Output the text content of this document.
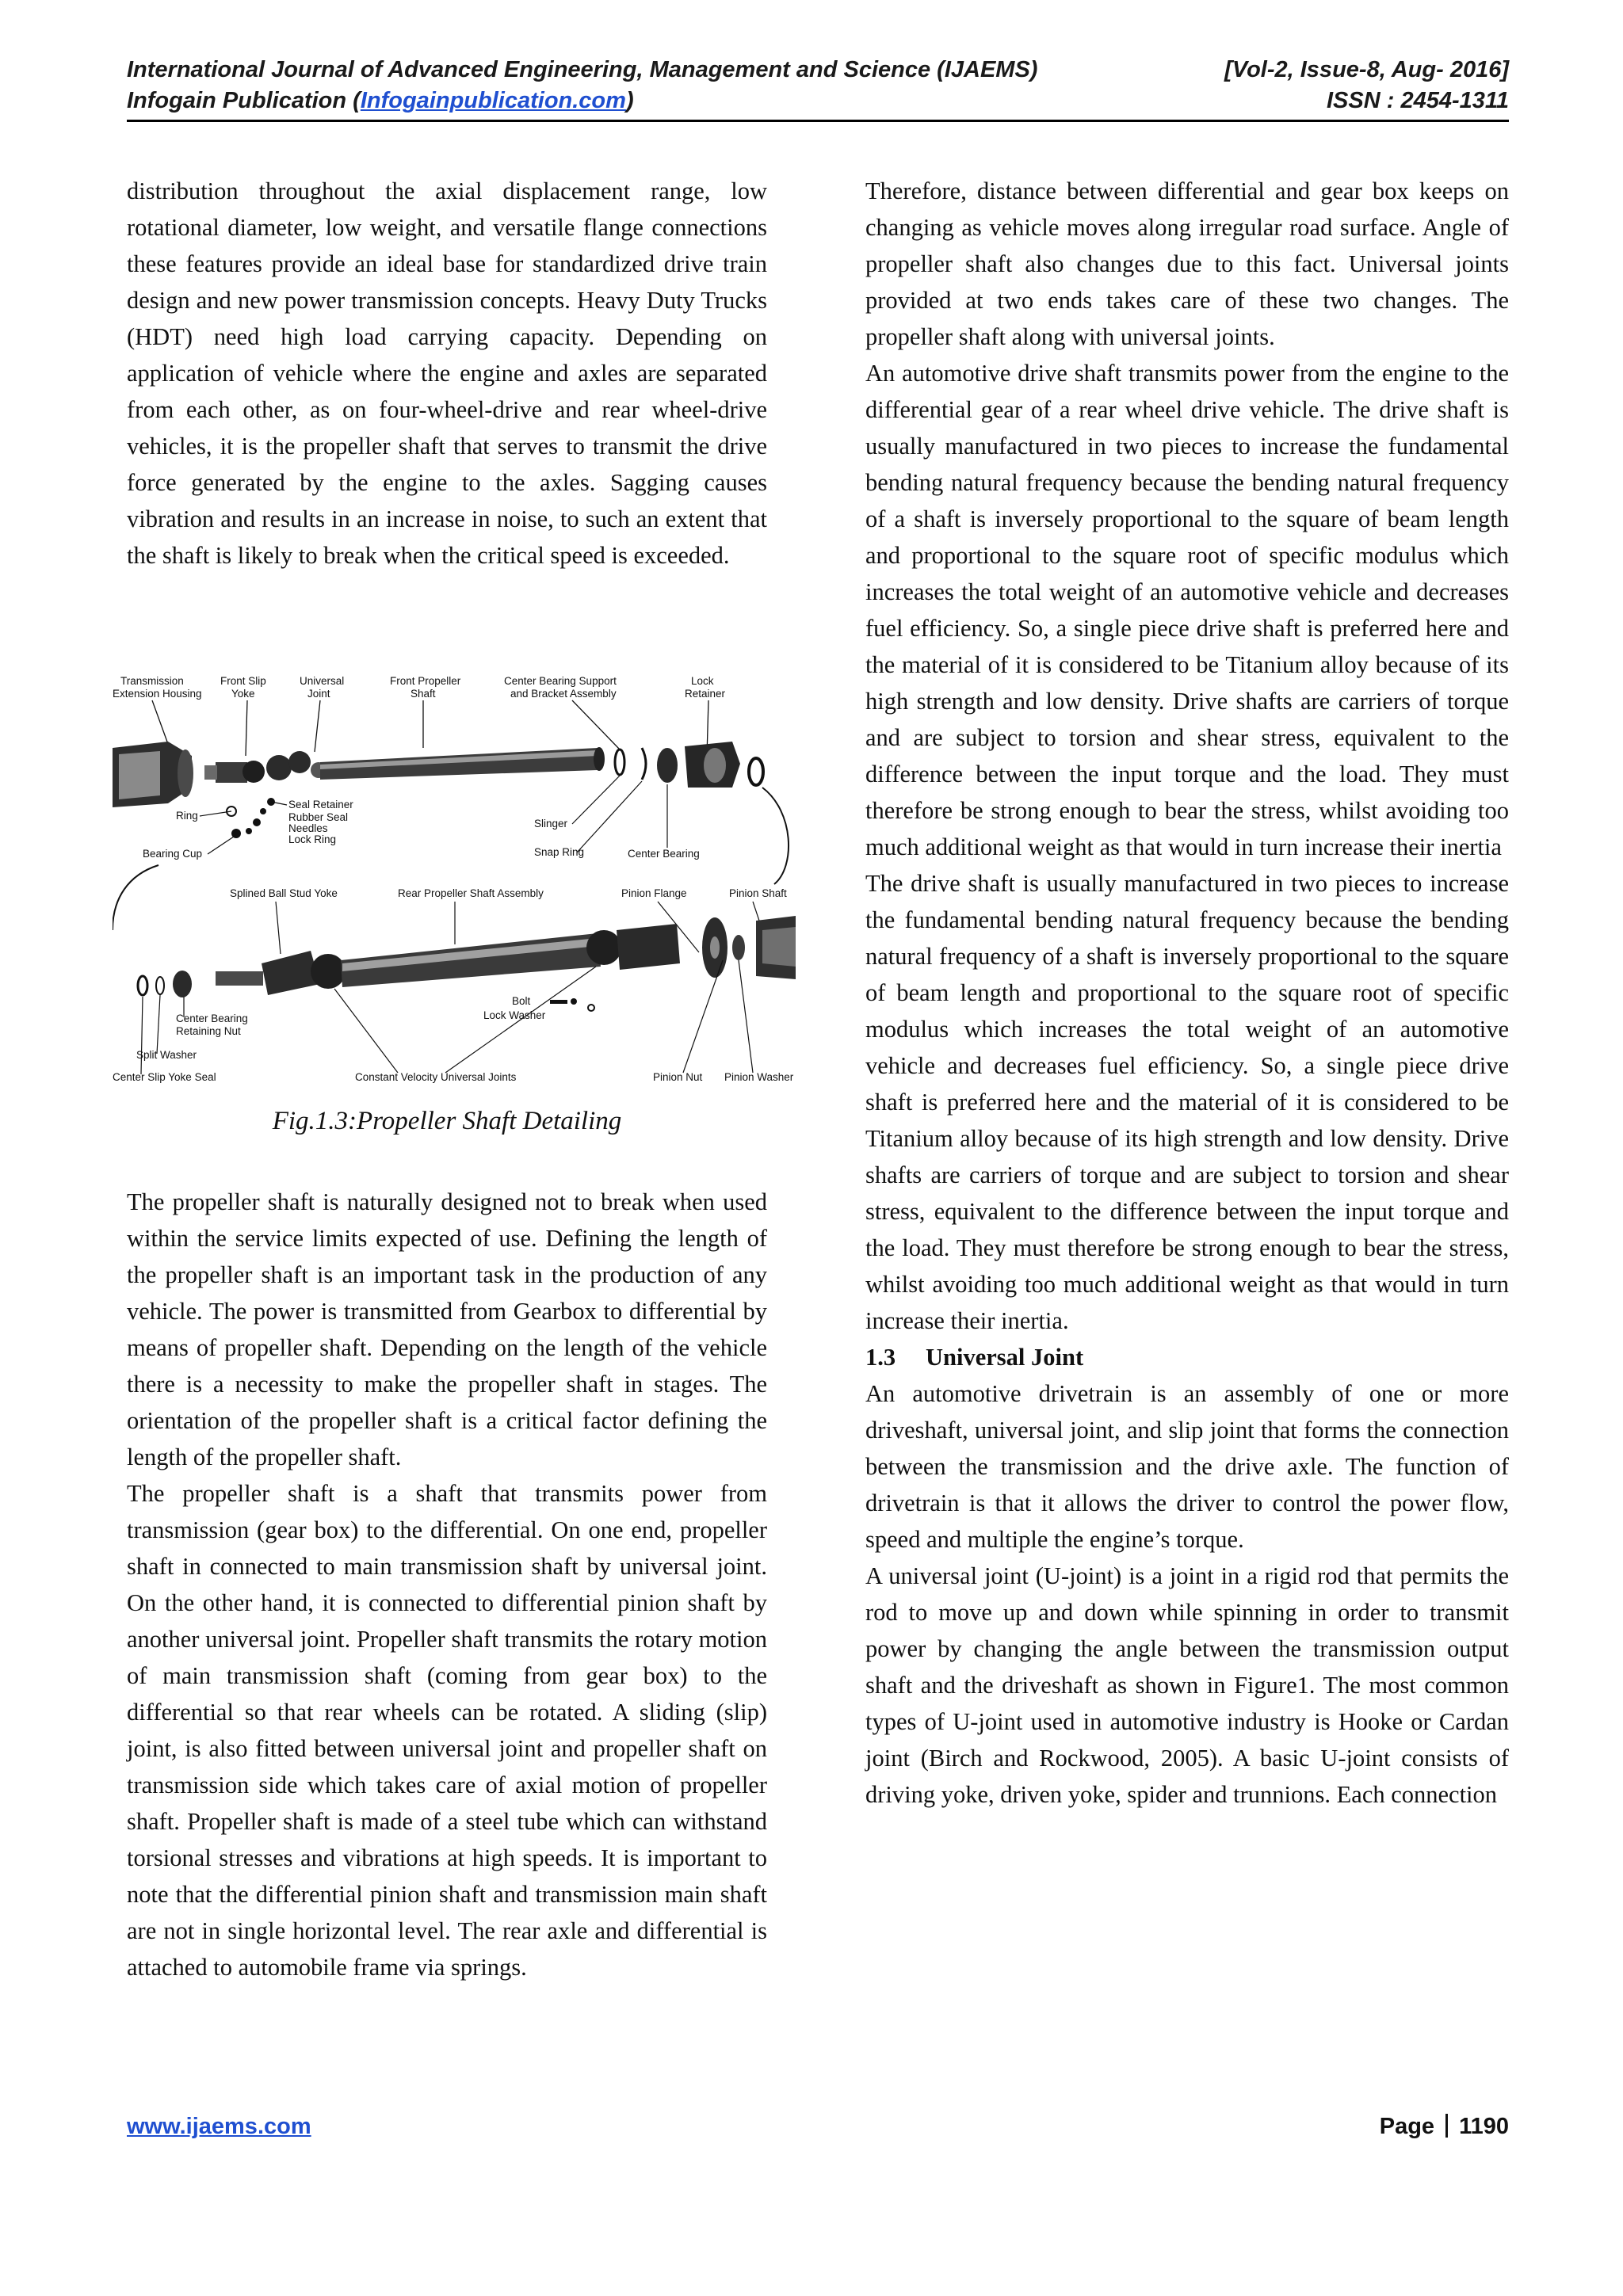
International Journal of Advanced Engineering, Management and Science (IJAEMS)	[Vol-2, Issue-8, Aug- 2016]
Infogain Publication (Infogainpublication.com)	ISSN : 2454-1311

distribution throughout the axial displacement range, low rotational diameter, low weight, and versatile flange connections these features provide an ideal base for standardized drive train design and new power transmission concepts. Heavy Duty Trucks (HDT) need high load carrying capacity. Depending on application of vehicle where the engine and axles are separated from each other, as on four-wheel-drive and rear wheel-drive vehicles, it is the propeller shaft that serves to transmit the drive force generated by the engine to the axles. Sagging causes vibration and results in an increase in noise, to such an extent that the shaft is likely to break when the critical speed is exceeded.

Transmission
Extension Housing
Front Slip
Yoke
Universal
Joint
Front Propeller
Shaft
Center Bearing Support
and Bracket Assembly
Lock
Retainer
Seal Retainer
Rubber Seal
Needles
Lock Ring
Ring
Bearing Cup
Slinger
Snap Ring	Center Bearing
Splined Ball Stud Yoke	Rear Propeller Shaft Assembly	Pinion Flange	Pinion Shaft
Bolt
Lock Washer
Center Bearing
Retaining Nut
Split Washer
Center Slip Yoke Seal	Constant Velocity Universal Joints	Pinion Nut Pinion Washer
Fig.1.3:Propeller Shaft Detailing

The propeller shaft is naturally designed not to break when used within the service limits expected of use. Defining the length of the propeller shaft is an important task in the production of any vehicle. The power is transmitted from Gearbox to differential by means of propeller shaft. Depending on the length of the vehicle there is a necessity to make the propeller shaft in stages. The orientation of the propeller shaft is a critical factor defining the length of the propeller shaft.

The propeller shaft is a shaft that transmits power from transmission (gear box) to the differential. On one end, propeller shaft in connected to main transmission shaft by universal joint. On the other hand, it is connected to differential pinion shaft by another universal joint. Propeller shaft transmits the rotary motion of main transmission shaft (coming from gear box) to the differential so that rear wheels can be rotated. A sliding (slip) joint, is also fitted between universal joint and propeller shaft on transmission side which takes care of axial motion of propeller shaft. Propeller shaft is made of a steel tube which can withstand torsional stresses and vibrations at high speeds. It is important to note that the differential pinion shaft and transmission main shaft are not in single horizontal level. The rear axle and differential is attached to automobile frame via springs.

Therefore, distance between differential and gear box keeps on changing as vehicle moves along irregular road surface. Angle of propeller shaft also changes due to this fact. Universal joints provided at two ends takes care of these two changes. The propeller shaft along with universal joints.

An automotive drive shaft transmits power from the engine to the differential gear of a rear wheel drive vehicle. The drive shaft is usually manufactured in two pieces to increase the fundamental bending natural frequency because the bending natural frequency of a shaft is inversely proportional to the square of beam length and proportional to the square root of specific modulus which increases the total weight of an automotive vehicle and decreases fuel efficiency. So, a single piece drive shaft is preferred here and the material of it is considered to be Titanium alloy because of its high strength and low density. Drive shafts are carriers of torque and are subject to torsion and shear stress, equivalent to the difference between the input torque and the load. They must therefore be strong enough to bear the stress, whilst avoiding too much additional weight as that would in turn increase their inertia

The drive shaft is usually manufactured in two pieces to increase the fundamental bending natural frequency because the bending natural frequency of a shaft is inversely proportional to the square of beam length and proportional to the square root of specific modulus which increases the total weight of an automotive vehicle and decreases fuel efficiency. So, a single piece drive shaft is preferred here and the material of it is considered to be Titanium alloy because of its high strength and low density. Drive shafts are carriers of torque and are subject to torsion and shear stress, equivalent to the difference between the input torque and the load. They must therefore be strong enough to bear the stress, whilst avoiding too much additional weight as that would in turn increase their inertia.

1.3 Universal Joint

An automotive drivetrain is an assembly of one or more driveshaft, universal joint, and slip joint that forms the connection between the transmission and the drive axle. The function of drivetrain is that it allows the driver to control the power flow, speed and multiple the engine’s torque.

A universal joint (U-joint) is a joint in a rigid rod that permits the rod to move up and down while spinning in order to transmit power by changing the angle between the transmission output shaft and the driveshaft as shown in Figure1. The most common types of U-joint used in automotive industry is Hooke or Cardan joint (Birch and Rockwood, 2005). A basic U-joint consists of driving yoke, driven yoke, spider and trunnions. Each connection

www.ijaems.com	Page 1190
